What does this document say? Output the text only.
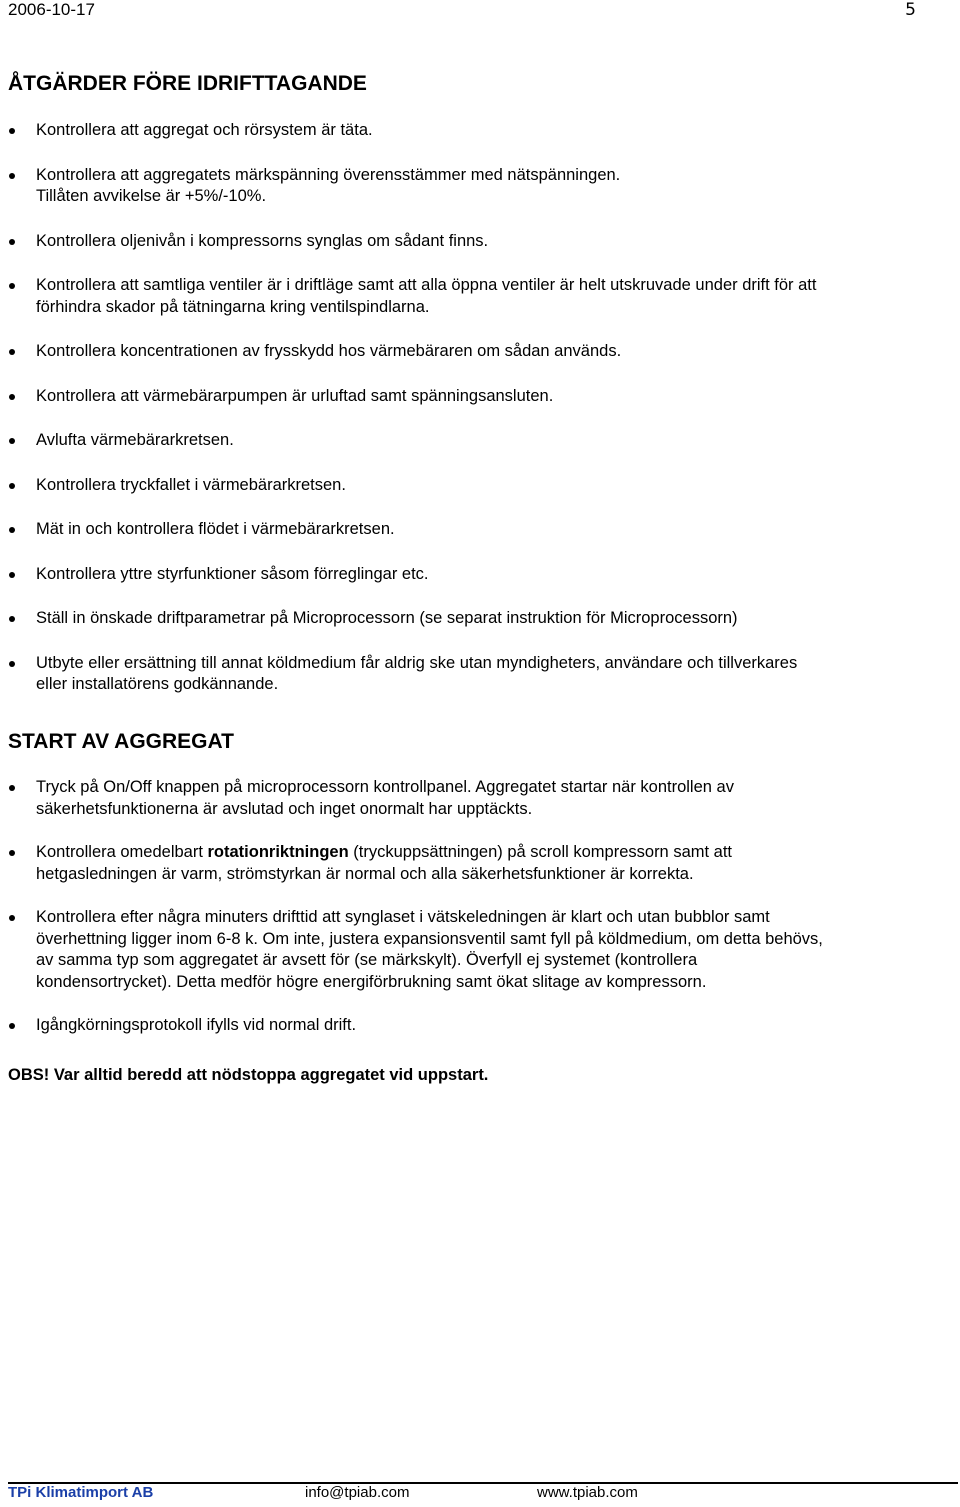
2006-10-17	5
ÅTGÄRDER FÖRE IDRIFTTAGANDE
Kontrollera att aggregat och rörsystem är täta.
Kontrollera att aggregatets märkspänning överensstämmer med nätspänningen.
Tillåten avvikelse är +5%/-10%.
Kontrollera oljenivån i kompressorns synglas om sådant finns.
Kontrollera att samtliga ventiler är i driftläge samt att alla öppna ventiler är helt utskruvade under drift för att
förhindra skador på tätningarna kring ventilspindlarna.
Kontrollera koncentrationen av frysskydd hos värmebäraren om sådan används.
Kontrollera att värmebärarpumpen är urluftad samt spänningsansluten.
Avlufta värmebärarkretsen.
Kontrollera tryckfallet i värmebärarkretsen.
Mät in och kontrollera flödet i värmebärarkretsen.
Kontrollera yttre styrfunktioner såsom förreglingar etc.
Ställ in önskade driftparametrar på Microprocessorn (se separat instruktion för Microprocessorn)
Utbyte eller ersättning till annat köldmedium får aldrig ske utan myndigheters, användare och tillverkares
eller installatörens godkännande.
START AV AGGREGAT
Tryck på On/Off knappen på microprocessorn kontrollpanel. Aggregatet startar när kontrollen av
säkerhetsfunktionerna är avslutad och inget onormalt har upptäckts.
Kontrollera omedelbart rotationriktningen (tryckuppsättningen) på scroll kompressorn samt att
hetgasledningen är varm, strömstyrkan är normal och alla säkerhetsfunktioner är korrekta.
Kontrollera efter några minuters drifttid att synglaset i vätskeledningen är klart och utan bubblor samt
överhettning ligger inom 6-8 k. Om inte, justera expansionsventil samt fyll på köldmedium, om detta behövs,
av samma typ som aggregatet är avsett för (se märkskylt). Överfyll ej systemet (kontrollera
kondensortrycket). Detta medför högre energiförbrukning samt ökat slitage av kompressorn.
Igångkörningsprotokoll ifylls vid normal drift.
OBS! Var alltid beredd att nödstoppa aggregatet vid uppstart.
TPi Klimatimport AB	info@tpiab.com	www.tpiab.com
